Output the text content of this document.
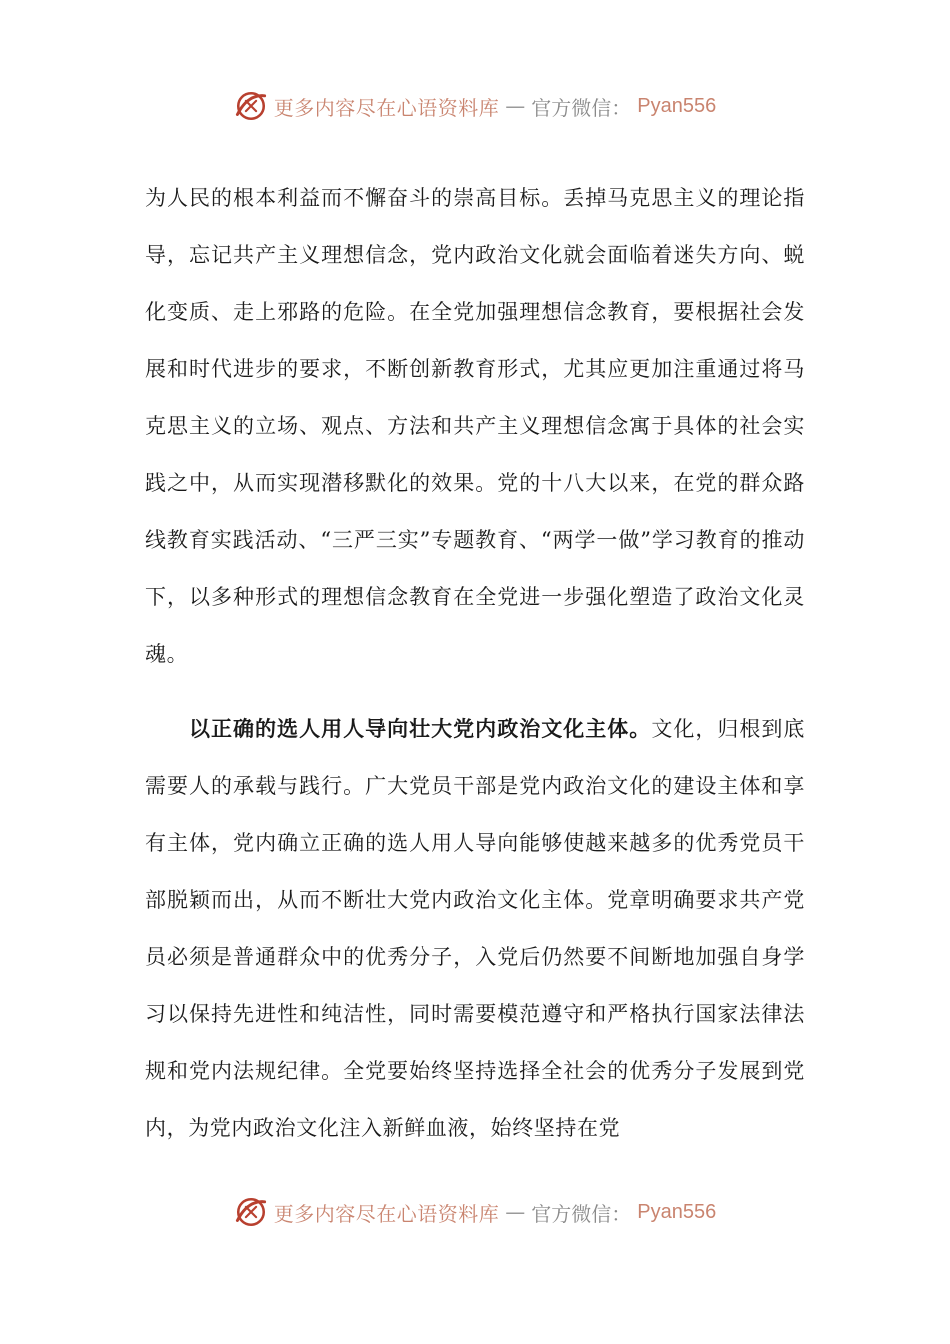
更多内容尽在心语资料库 — 官方微信： Pyan556

为人民的根本利益而不懈奋斗的崇高目标。丢掉马克思主义的理论指导，忘记共产主义理想信念，党内政治文化就会面临着迷失方向、蜕化变质、走上邪路的危险。在全党加强理想信念教育，要根据社会发展和时代进步的要求，不断创新教育形式，尤其应更加注重通过将马克思主义的立场、观点、方法和共产主义理想信念寓于具体的社会实践之中，从而实现潜移默化的效果。党的十八大以来，在党的群众路线教育实践活动、“三严三实”专题教育、“两学一做”学习教育的推动下，以多种形式的理想信念教育在全党进一步强化塑造了政治文化灵魂。

以正确的选人用人导向壮大党内政治文化主体。文化，归根到底需要人的承载与践行。广大党员干部是党内政治文化的建设主体和享有主体，党内确立正确的选人用人导向能够使越来越多的优秀党员干部脱颖而出，从而不断壮大党内政治文化主体。党章明确要求共产党员必须是普通群众中的优秀分子，入党后仍然要不间断地加强自身学习以保持先进性和纯洁性，同时需要模范遵守和严格执行国家法律法规和党内法规纪律。全党要始终坚持选择全社会的优秀分子发展到党内，为党内政治文化注入新鲜血液，始终坚持在党

更多内容尽在心语资料库 — 官方微信： Pyan556
